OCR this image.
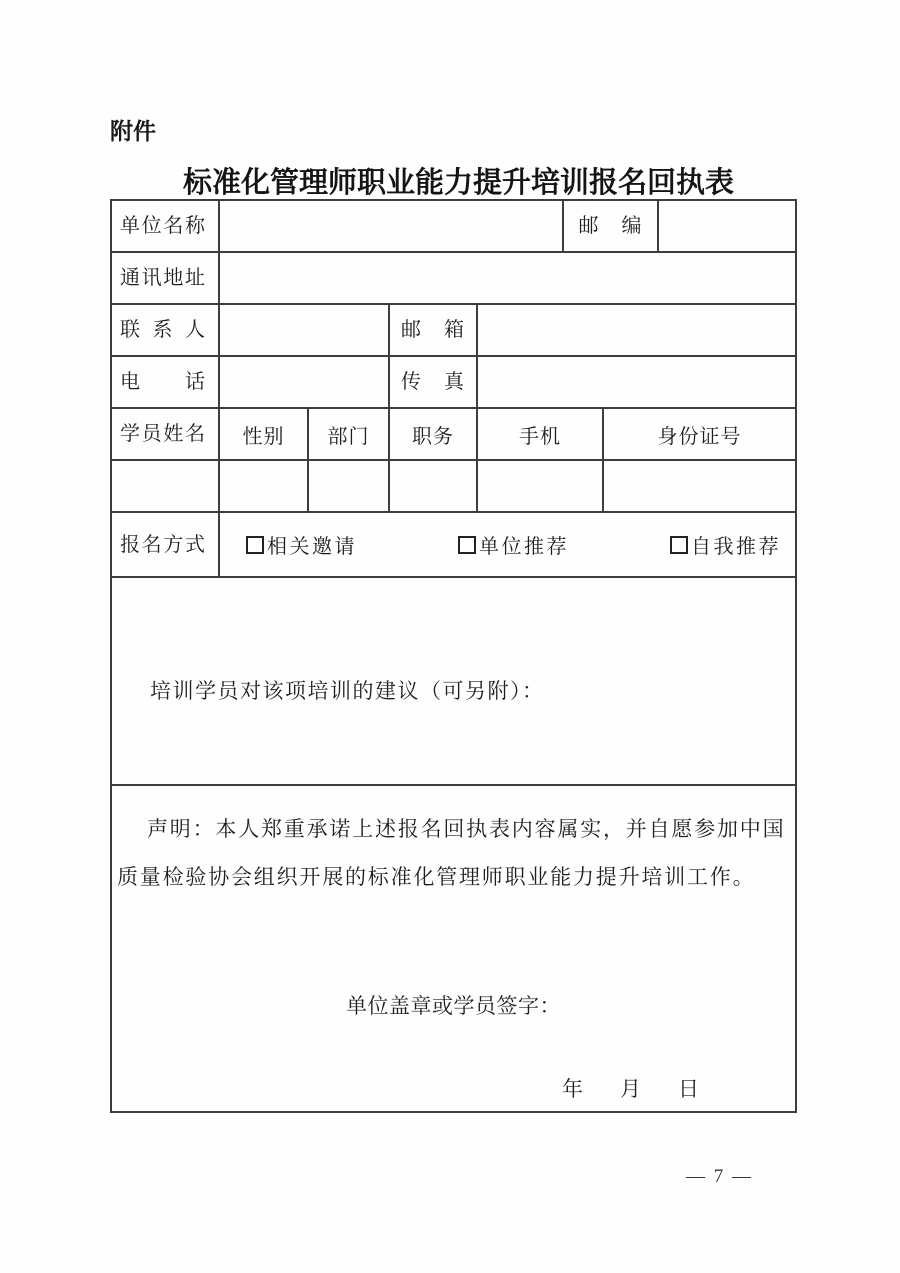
附件
标准化管理师职业能力提升培训报名回执表
单位名称					邮编		

通讯地址							

联系人			邮箱				

电话			传真				

学员姓名	性别	部门	职务	手机		身份证号	

报名方式	相关邀请 单位推荐 自我推荐						

培训学员对该项培训的建议（可另附）：							

声明：本人郑重承诺上述报名回执表内容属实，并自愿参加中国
质量检验协会组织开展的标准化管理师职业能力提升培训工作。
单位盖章或学员签字：
年 月 日
— 7 —
